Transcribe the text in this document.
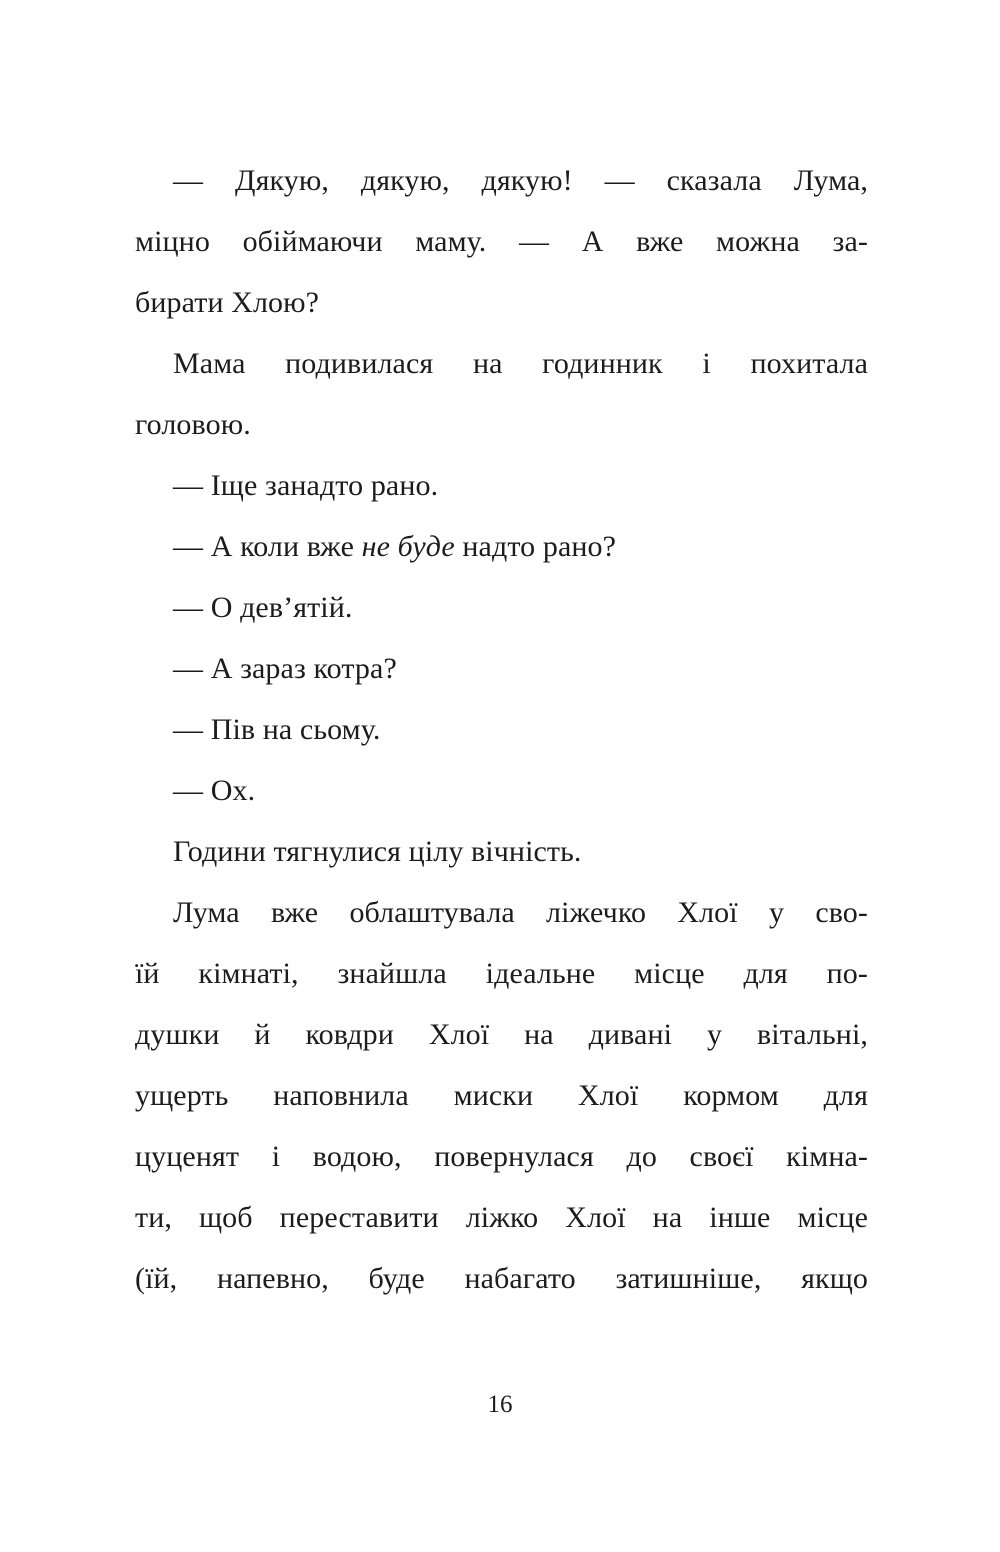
— Дякую, дякую, дякую! — сказала Лума,
міцно обіймаючи маму. — А вже можна за-
бирати Хлою?
Мама подивилася на годинник і похитала
головою.
— Іще занадто рано.
— А коли вже не буде надто рано?
— О дев’ятій.
— А зараз котра?
— Пів на сьому.
— Ох.
Години тягнулися цілу вічність.
Лума вже облаштувала ліжечко Хлої у сво-
їй кімнаті, знайшла ідеальне місце для по-
душки й ковдри Хлої на дивані у вітальні,
ущерть наповнила миски Хлої кормом для
цуценят і водою, повернулася до своєї кімна-
ти, щоб переставити ліжко Хлої на інше місце
(їй, напевно, буде набагато затишніше, якщо
16
